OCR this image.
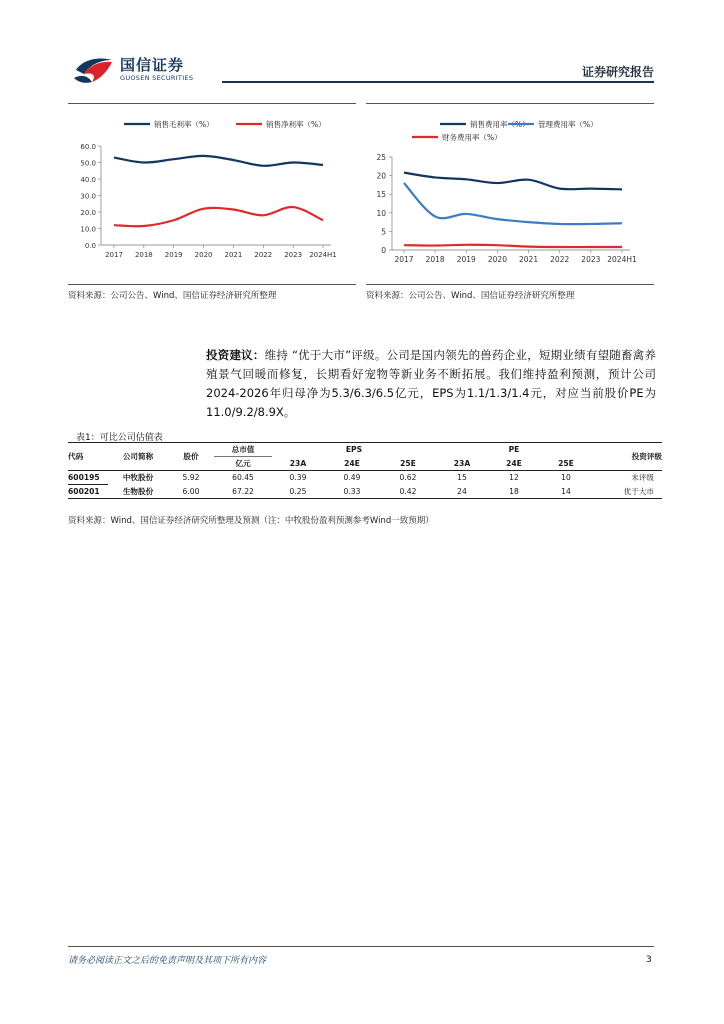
国信证券
GUOSEN SECURITIES	证券研究报告
销售毛利率（%）	销售净利率（%）
0.0
10.0
20.0
30.0
40.0
50.0
60.0
2017 2018 2019 2020 2021 2022 2023 2024H1
销售费用率（%） 管理费用率（%）
财务费用率（%）
0
5
10
15
20
25
2017 2018 2019 2020 2021 2022 2023 2024H1
资料来源：公司公告、Wind、国信证券经济研究所整理	资料来源：公司公告、Wind、国信证券经济研究所整理
投资建议：维持 “优于大市”评级。公司是国内领先的兽药企业，短期业绩有望随畜禽养殖景气回暖而修复，长期看好宠物等新业务不断拓展。我们维持盈利预测，预计公司2024-2026年归母净为5.3/6.3/6.5亿元，EPS为1.1/1.3/1.4元，对应当前股价PE为11.0/9.2/8.9X。
表1：可比公司估值表
代码	公司简称	股价	总市值	EPS			PE			投资评级
			亿元	23A	24E	25E	23A	24E	25E	
600195	中牧股份	5.92	60.45	0.39	0.49	0.62	15	12	10	未评级
600201	生物股份	6.00	67.22	0.25	0.33	0.42	24	18	14	优于大市
资料来源：Wind、国信证券经济研究所整理及预测（注：中牧股份盈利预测参考Wind一致预期）
请务必阅读正文之后的免责声明及其项下所有内容	3
